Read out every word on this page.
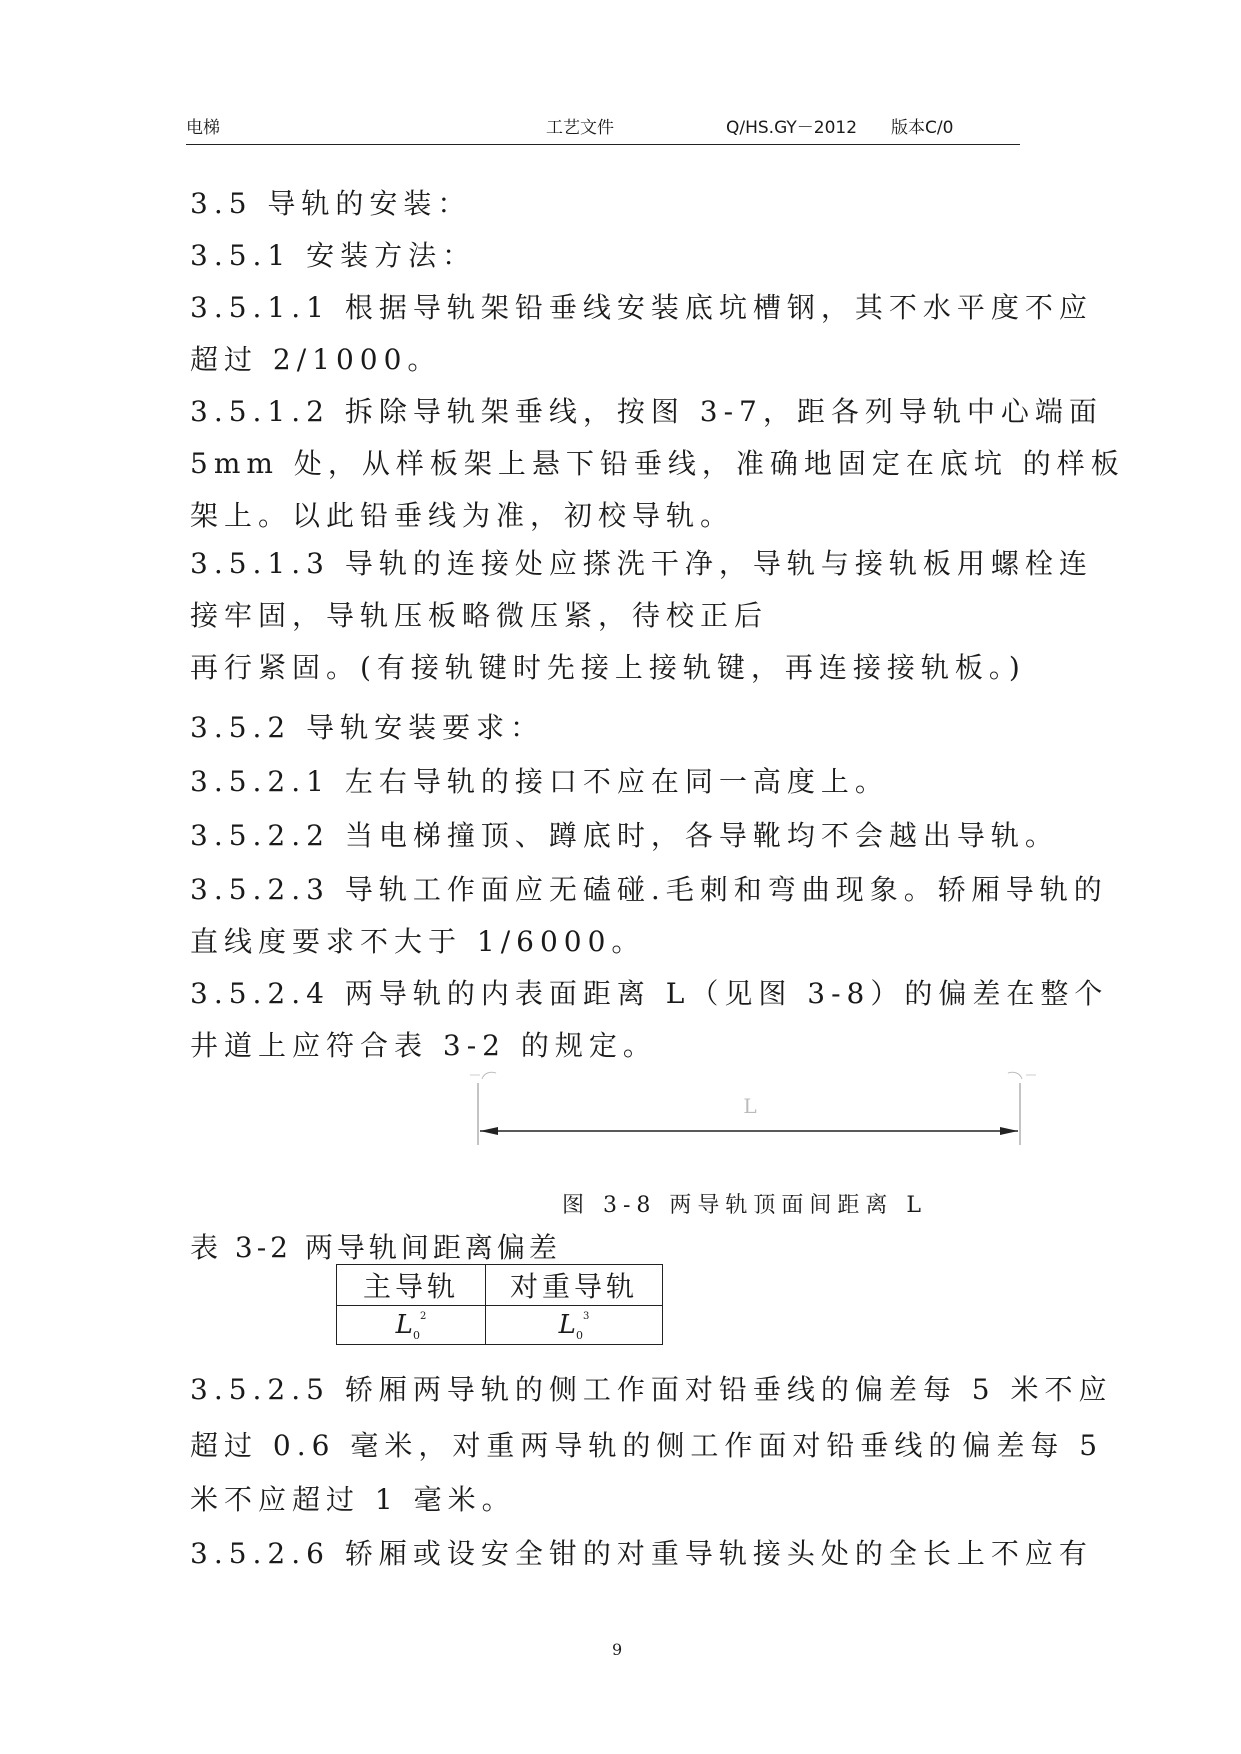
电梯	工艺文件	Q/HS.GY－2012 版本C/0
3.5 导轨的安装：
3.5.1 安装方法：
3.5.1.1 根据导轨架铅垂线安装底坑槽钢，其不水平度不应
超过 2/1000。
3.5.1.2 拆除导轨架垂线，按图 3-7，距各列导轨中心端面
5mm 处，从样板架上悬下铅垂线，准确地固定在底坑 的样板
架上。以此铅垂线为准，初校导轨。
3.5.1.3 导轨的连接处应搽洗干净，导轨与接轨板用螺栓连
接牢固，导轨压板略微压紧，待校正后
再行紧固。(有接轨键时先接上接轨键，再连接接轨板。)
3.5.2 导轨安装要求：
3.5.2.1 左右导轨的接口不应在同一高度上。
3.5.2.2 当电梯撞顶、蹲底时，各导靴均不会越出导轨。
3.5.2.3 导轨工作面应无磕碰.毛刺和弯曲现象。轿厢导轨的
直线度要求不大于 1/6000。
3.5.2.4 两导轨的内表面距离 L（见图 3-8）的偏差在整个
井道上应符合表 3-2 的规定。
L
图 3-8 两导轨顶面间距离 L
表 3-2 两导轨间距离偏差
主导轨	对重导轨
$L_0^2$	$L_0^3$
3.5.2.5 轿厢两导轨的侧工作面对铅垂线的偏差每 5 米不应
超过 0.6 毫米，对重两导轨的侧工作面对铅垂线的偏差每 5
米不应超过 1 毫米。
3.5.2.6 轿厢或设安全钳的对重导轨接头处的全长上不应有
9
